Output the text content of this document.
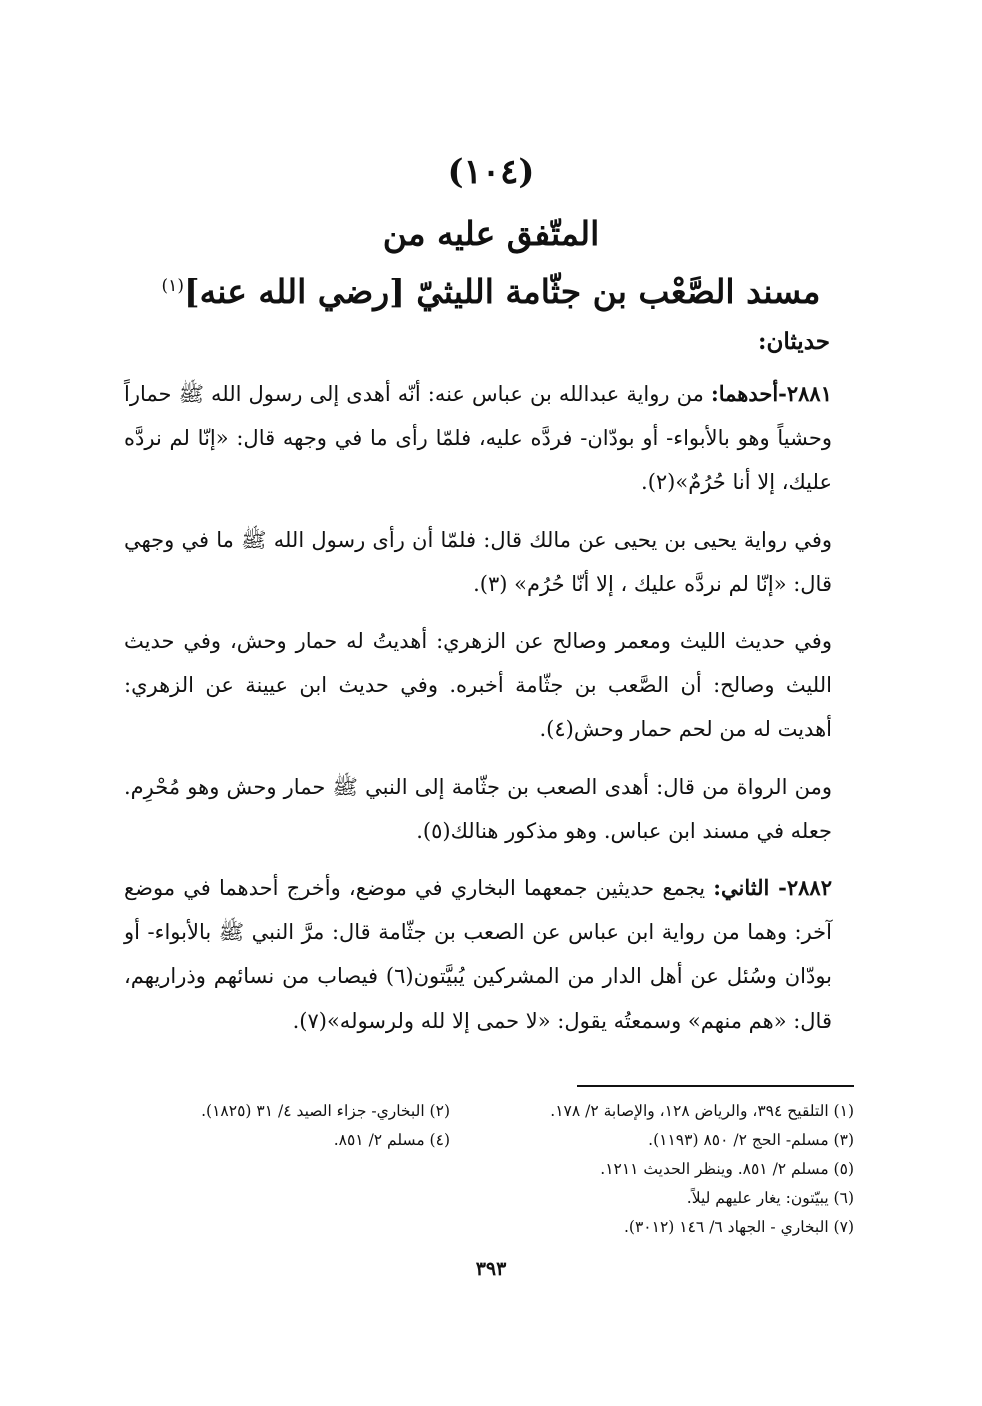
(١٠٤)
المتّفق عليه من
مسند الصَّعْب بن جثّامة الليثيّ [رضي الله عنه]$^{(١)}$
حديثان:

٢٨٨١-أحدهما: من رواية عبدالله بن عباس عنه: أنّه أهدى إلى رسول الله ﷺ حماراً وحشياً وهو بالأبواء- أو بودّان- فردَّه عليه، فلمّا رأى ما في وجهه قال: «إنّا لم نردَّه عليك، إلا أنا حُرُمٌ»(٢).

وفي رواية يحيى بن يحيى عن مالك قال: فلمّا أن رأى رسول الله ﷺ ما في وجهي قال: «إنّا لم نردَّه عليك ، إلا أنّا حُرُم» (٣).

وفي حديث الليث ومعمر وصالح عن الزهري: أهديتُ له حمار وحش، وفي حديث الليث وصالح: أن الصَّعب بن جثّامة أخبره. وفي حديث ابن عيينة عن الزهري: أهديت له من لحم حمار وحش(٤).

ومن الرواة من قال: أهدى الصعب بن جثّامة إلى النبي ﷺ حمار وحش وهو مُحْرِم. جعله في مسند ابن عباس. وهو مذكور هنالك(٥).

٢٨٨٢- الثاني: يجمع حديثين جمعهما البخاري في موضع، وأخرج أحدهما في موضع آخر: وهما من رواية ابن عباس عن الصعب بن جثّامة قال: مرَّ النبي ﷺ بالأبواء- أو بودّان وسُئل عن أهل الدار من المشركين يُبيَّتون(٦) فيصاب من نسائهم وذراريهم، قال: «هم منهم» وسمعتُه يقول: «لا حمى إلا لله ولرسوله»(٧).

(١) التلقيح ٣٩٤، والرياض ١٢٨، والإصابة ٢/ ١٧٨.
(٣) مسلم- الحج ٢/ ٨٥٠ (١١٩٣).
(٥) مسلم ٢/ ٨٥١. وينظر الحديث ١٢١١.
(٦) يبيّتون: يغار عليهم ليلاً.
(٧) البخاري - الجهاد ٦/ ١٤٦ (٣٠١٢).
(٢) البخاري- جزاء الصيد ٤/ ٣١ (١٨٢٥).
(٤) مسلم ٢/ ٨٥١.
٣٩٣
